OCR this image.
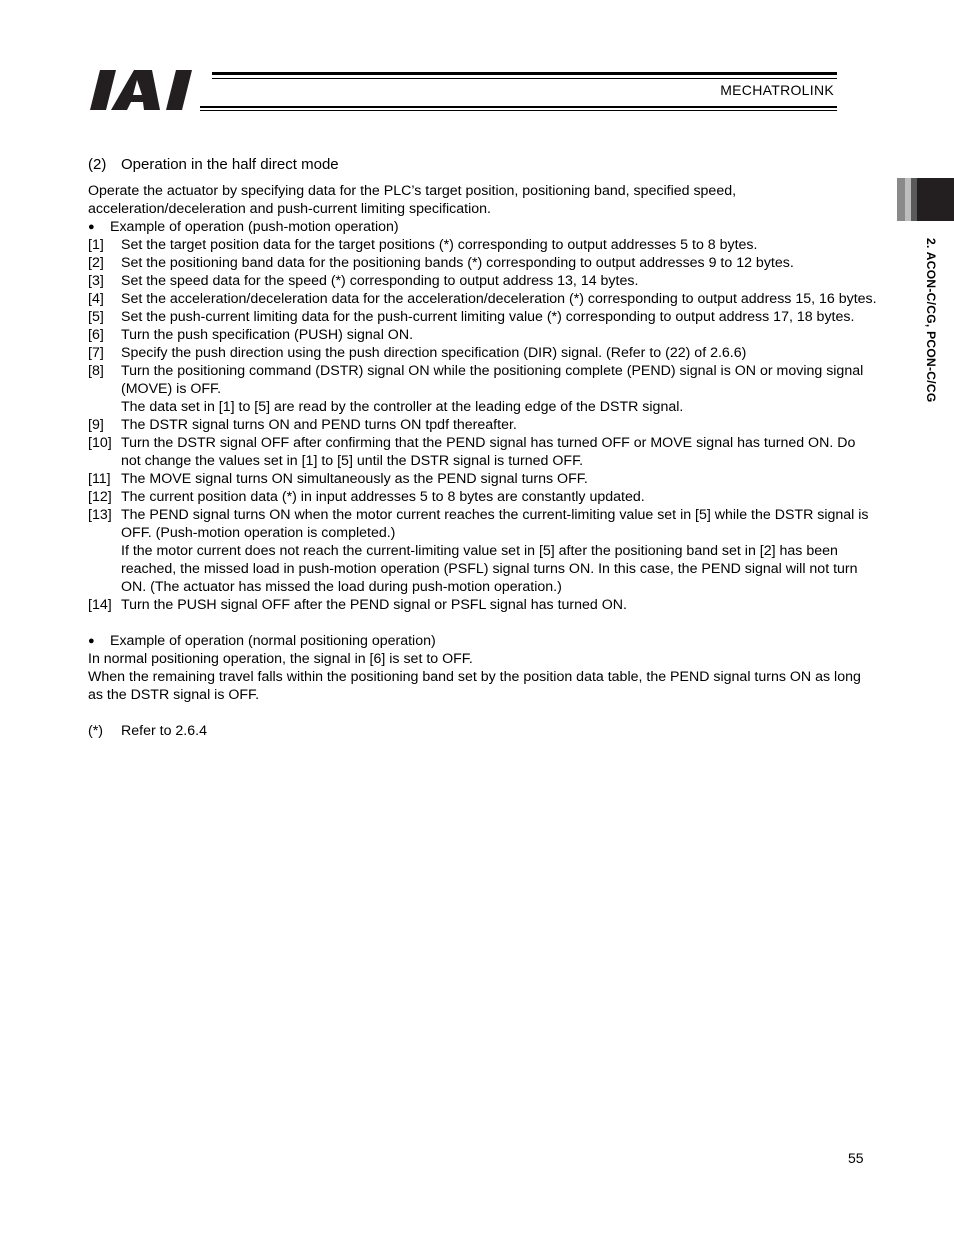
MECHATROLINK
2. ACON-C/CG, PCON-C/CG
(2) Operation in the half direct mode

Operate the actuator by specifying data for the PLC’s target position, positioning band, specified speed, acceleration/deceleration and push-current limiting specification.

●	Example of operation (push-motion operation)
[1]	Set the target position data for the target positions (*) corresponding to output addresses 5 to 8 bytes.
[2]	Set the positioning band data for the positioning bands (*) corresponding to output addresses 9 to 12 bytes.
[3]	Set the speed data for the speed (*) corresponding to output address 13, 14 bytes.
[4]	Set the acceleration/deceleration data for the acceleration/deceleration (*) corresponding to output address 15, 16 bytes.
[5]	Set the push-current limiting data for the push-current limiting value (*) corresponding to output address 17, 18 bytes.
[6]	Turn the push specification (PUSH) signal ON.
[7]	Specify the push direction using the push direction specification (DIR) signal. (Refer to (22) of 2.6.6)
[8]	Turn the positioning command (DSTR) signal ON while the positioning complete (PEND) signal is ON or moving signal (MOVE) is OFF.
The data set in [1] to [5] are read by the controller at the leading edge of the DSTR signal.
[9]	The DSTR signal turns ON and PEND turns ON tpdf thereafter.
[10] Turn the DSTR signal OFF after confirming that the PEND signal has turned OFF or MOVE signal has turned ON. Do not change the values set in [1] to [5] until the DSTR signal is turned OFF.
[11] The MOVE signal turns ON simultaneously as the PEND signal turns OFF.
[12] The current position data (*) in input addresses 5 to 8 bytes are constantly updated.
[13] The PEND signal turns ON when the motor current reaches the current-limiting value set in [5] while the DSTR signal is OFF. (Push-motion operation is completed.)
If the motor current does not reach the current-limiting value set in [5] after the positioning band set in [2] has been reached, the missed load in push-motion operation (PSFL) signal turns ON. In this case, the PEND signal will not turn ON. (The actuator has missed the load during push-motion operation.)
[14] Turn the PUSH signal OFF after the PEND signal or PSFL signal has turned ON.
●	Example of operation (normal positioning operation)

In normal positioning operation, the signal in [6] is set to OFF.

When the remaining travel falls within the positioning band set by the position data table, the PEND signal turns ON as long as the DSTR signal is OFF.

(*)	Refer to 2.6.4
55
